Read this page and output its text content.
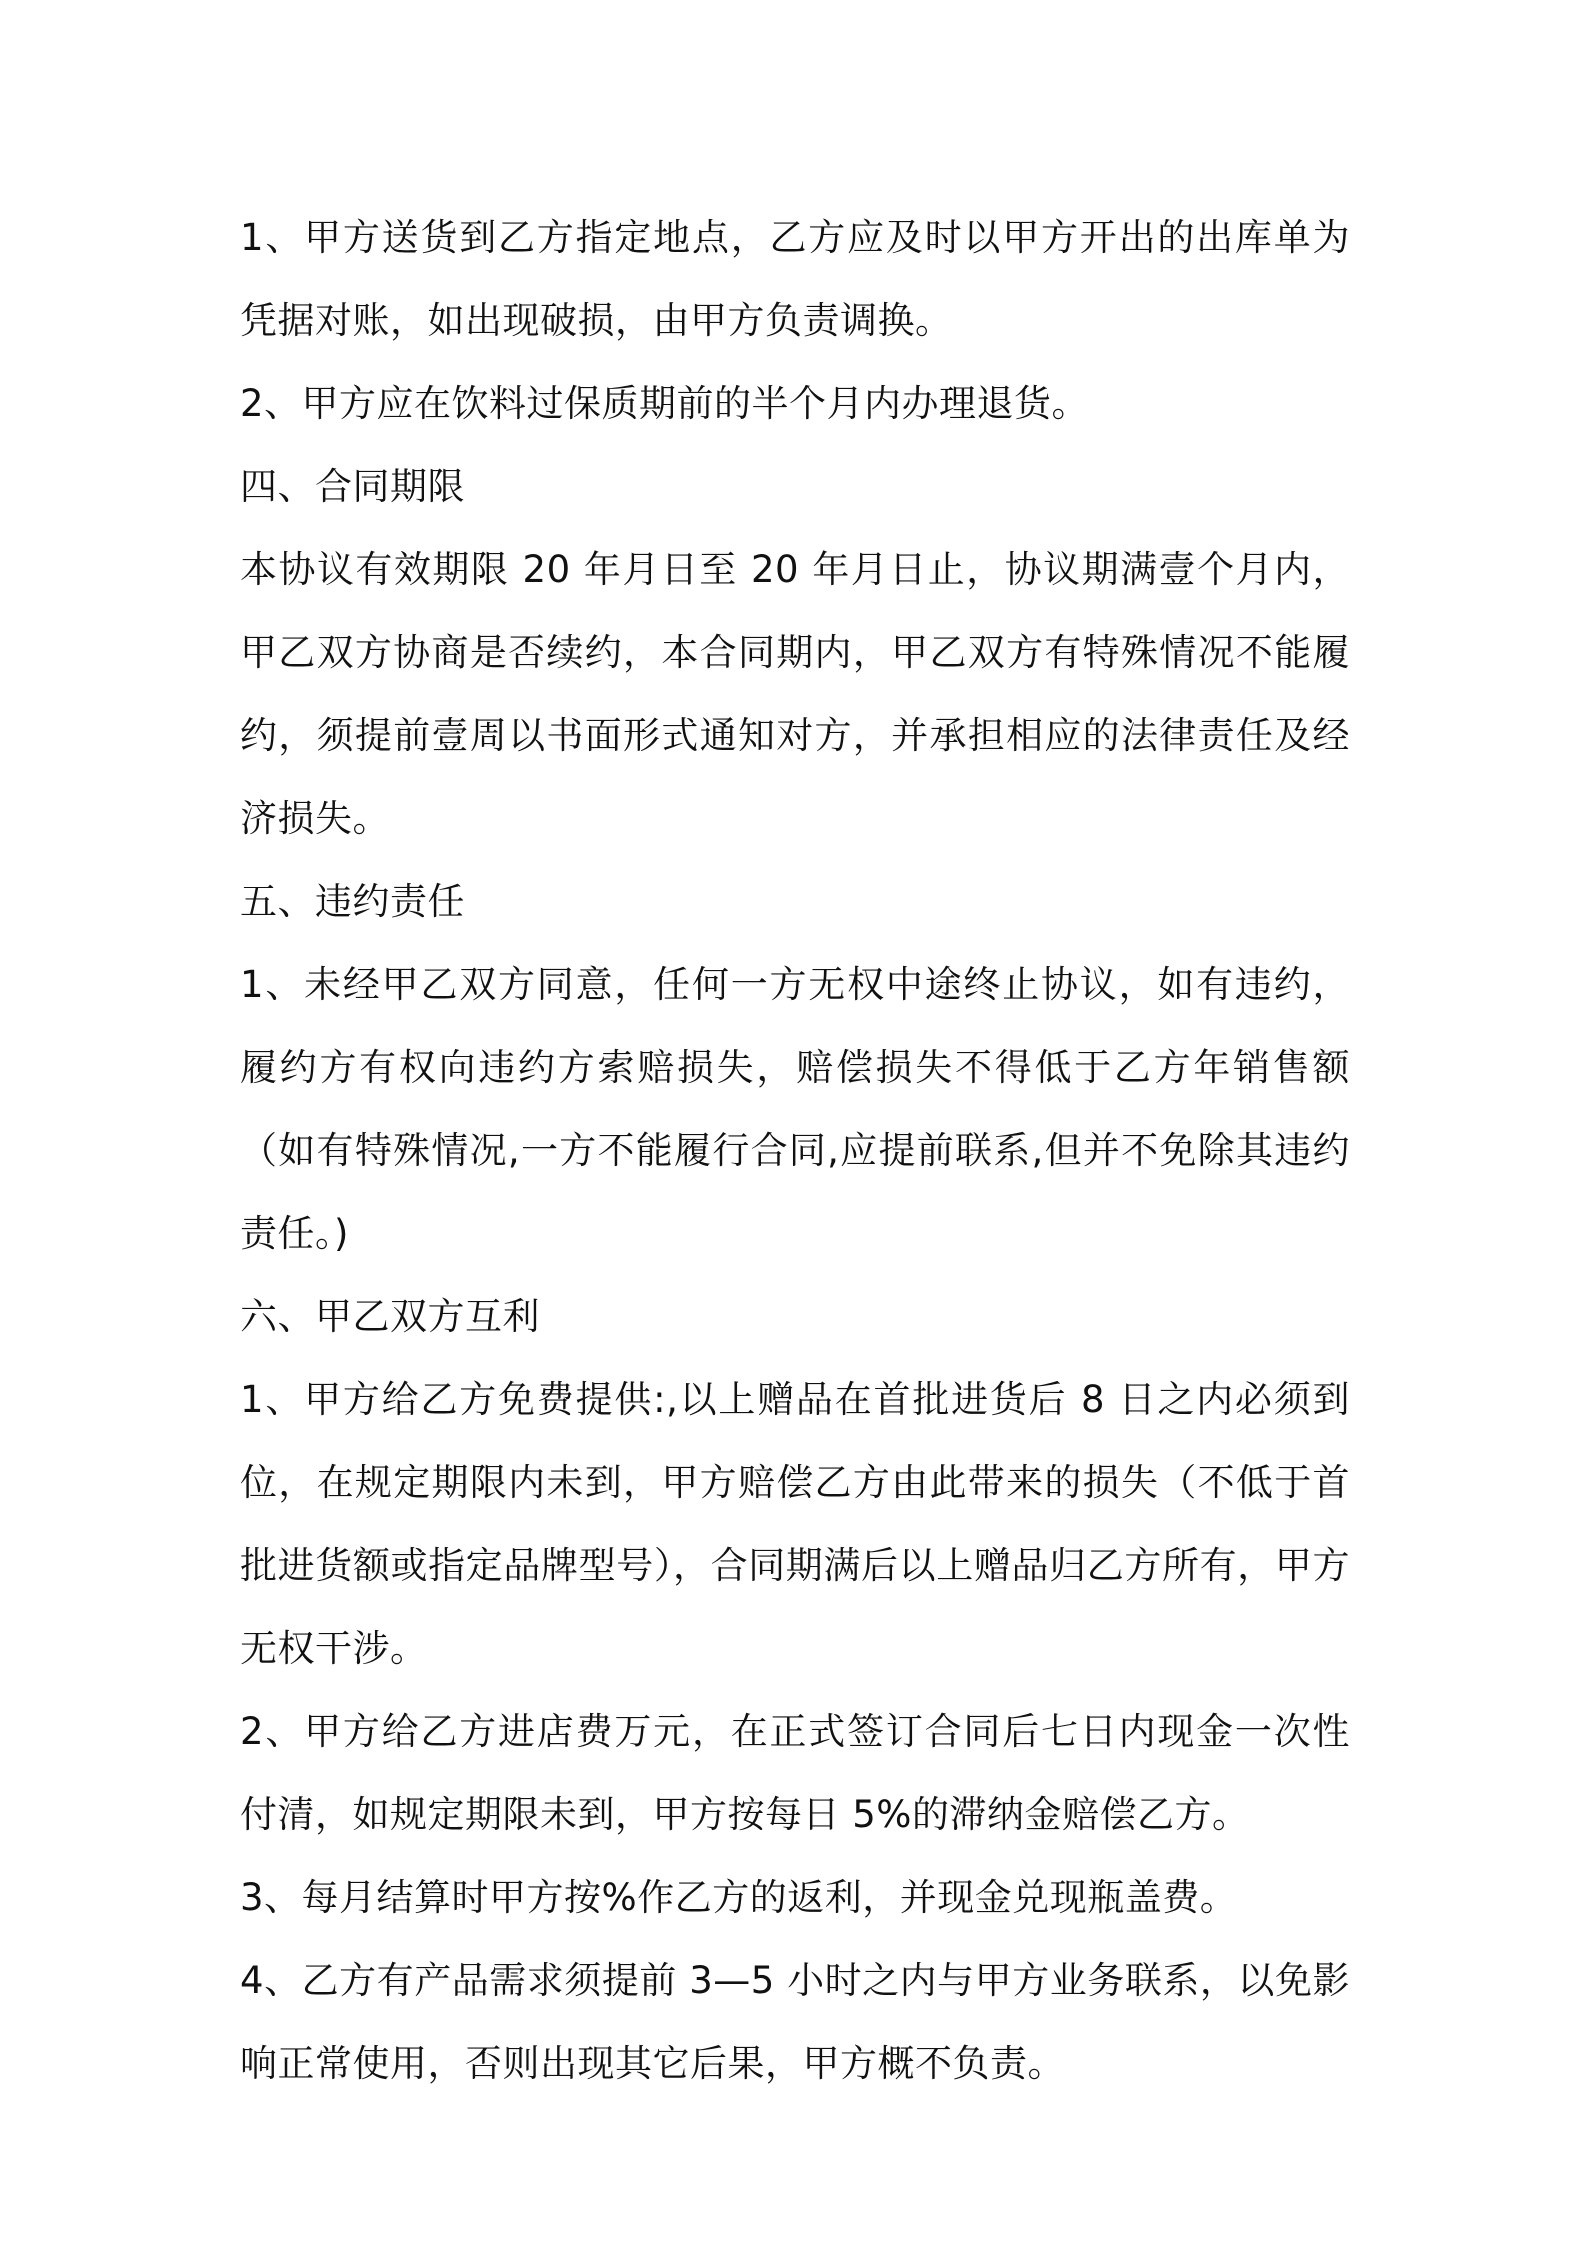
1、甲方送货到乙方指定地点，乙方应及时以甲方开出的出库单为凭据对账，如出现破损，由甲方负责调换。

2、甲方应在饮料过保质期前的半个月内办理退货。

四、合同期限

本协议有效期限 20 年月日至 20 年月日止，协议期满壹个月内，甲乙双方协商是否续约，本合同期内，甲乙双方有特殊情况不能履约，须提前壹周以书面形式通知对方，并承担相应的法律责任及经济损失。

五、违约责任

1、未经甲乙双方同意，任何一方无权中途终止协议，如有违约，履约方有权向违约方索赔损失，赔偿损失不得低于乙方年销售额（如有特殊情况,一方不能履行合同,应提前联系,但并不免除其违约责任。)

六、甲乙双方互利

1、甲方给乙方免费提供:,以上赠品在首批进货后 8 日之内必须到位，在规定期限内未到，甲方赔偿乙方由此带来的损失（不低于首批进货额或指定品牌型号），合同期满后以上赠品归乙方所有，甲方无权干涉。

2、甲方给乙方进店费万元，在正式签订合同后七日内现金一次性付清，如规定期限未到，甲方按每日 5%的滞纳金赔偿乙方。

3、每月结算时甲方按%作乙方的返利，并现金兑现瓶盖费。

4、乙方有产品需求须提前 3—5 小时之内与甲方业务联系，以免影响正常使用，否则出现其它后果，甲方概不负责。
